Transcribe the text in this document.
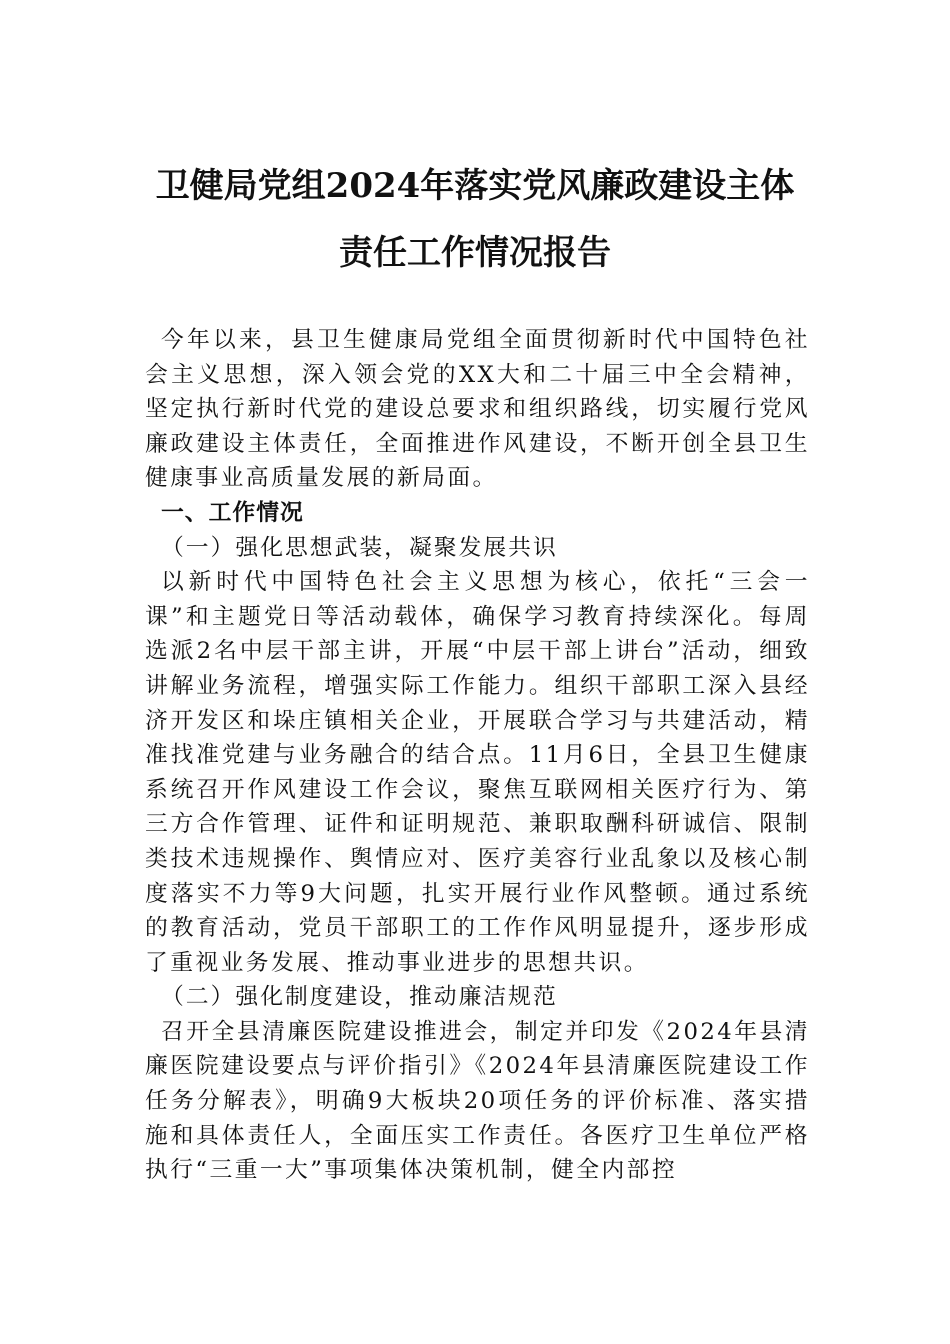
卫健局党组2024年落实党风廉政建设主体
责任工作情况报告

今年以来，县卫生健康局党组全面贯彻新时代中国特色社会主义思想，深入领会党的XX大和二十届三中全会精神，坚定执行新时代党的建设总要求和组织路线，切实履行党风廉政建设主体责任，全面推进作风建设，不断开创全县卫生健康事业高质量发展的新局面。

一、工作情况

（一）强化思想武装，凝聚发展共识

以新时代中国特色社会主义思想为核心，依托“三会一课”和主题党日等活动载体，确保学习教育持续深化。每周选派2名中层干部主讲，开展“中层干部上讲台”活动，细致讲解业务流程，增强实际工作能力。组织干部职工深入县经济开发区和垛庄镇相关企业，开展联合学习与共建活动，精准找准党建与业务融合的结合点。11月6日，全县卫生健康系统召开作风建设工作会议，聚焦互联网相关医疗行为、第三方合作管理、证件和证明规范、兼职取酬科研诚信、限制类技术违规操作、舆情应对、医疗美容行业乱象以及核心制度落实不力等9大问题，扎实开展行业作风整顿。通过系统的教育活动，党员干部职工的工作作风明显提升，逐步形成了重视业务发展、推动事业进步的思想共识。

（二）强化制度建设，推动廉洁规范

召开全县清廉医院建设推进会，制定并印发《2024年县清廉医院建设要点与评价指引》《2024年县清廉医院建设工作任务分解表》，明确9大板块20项任务的评价标准、落实措施和具体责任人，全面压实工作责任。各医疗卫生单位严格执行“三重一大”事项集体决策机制，健全内部控
